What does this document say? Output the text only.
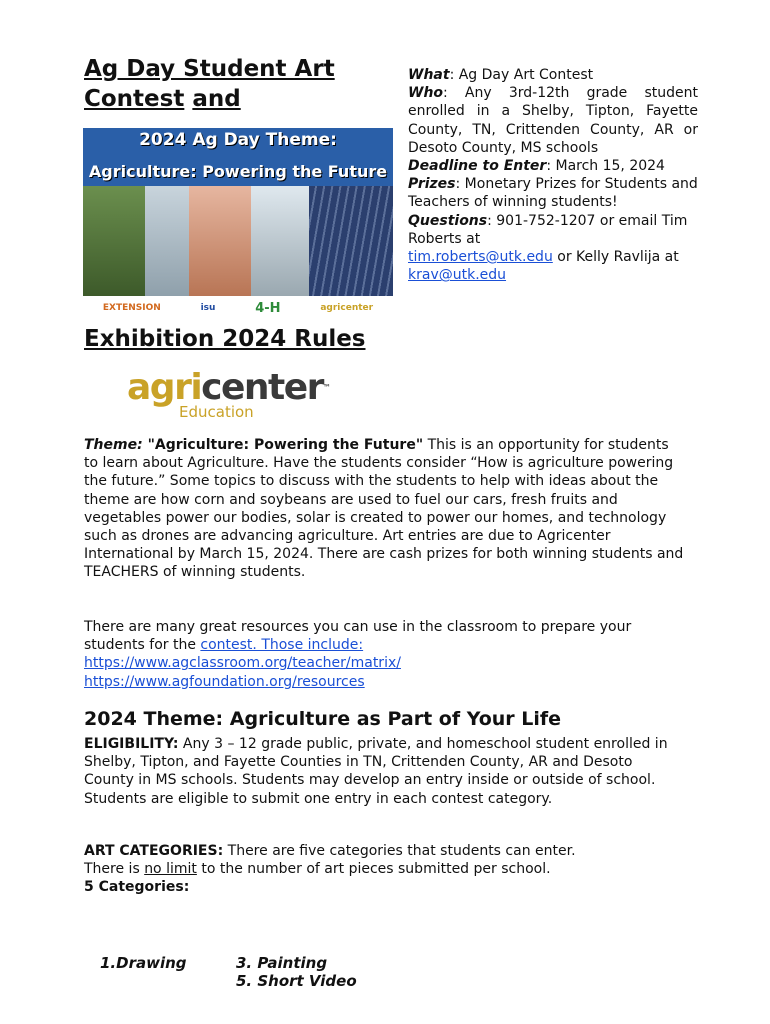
Ag Day Student Art
Contest and
2024 Ag Day Theme:
Agriculture: Powering the Future
EXTENSION	isu	4-H	agricenter

What: Ag Day Art Contest

Who: Any 3rd-12th grade student enrolled in a Shelby, Tipton, Fayette County, TN, Crittenden County, AR or Desoto County, MS schools

Deadline to Enter: March 15, 2024

Prizes: Monetary Prizes for Students and Teachers of winning students!

Questions: 901-752-1207 or email Tim Roberts at
tim.roberts@utk.edu or Kelly Ravlija at krav@utk.edu

Exhibition 2024 Rules
agricenter™
Education

Theme: "Agriculture: Powering the Future" This is an opportunity for students to learn about Agriculture. Have the students consider “How is agriculture powering the future.” Some topics to discuss with the students to help with ideas about the theme are how corn and soybeans are used to fuel our cars, fresh fruits and vegetables power our bodies, solar is created to power our homes, and technology such as drones are advancing agriculture. Art entries are due to Agricenter International by March 15, 2024. There are cash prizes for both winning students and TEACHERS of winning students.

There are many great resources you can use in the classroom to prepare your students for the contest. Those include:
https://www.agclassroom.org/teacher/matrix/
https://www.agfoundation.org/resources

2024 Theme: Agriculture as Part of Your Life

ELIGIBILITY: Any 3 – 12 grade public, private, and homeschool student enrolled in Shelby, Tipton, and Fayette Counties in TN, Crittenden County, AR and Desoto County in MS schools. Students may develop an entry inside or outside of school. Students are eligible to submit one entry in each contest category.

ART CATEGORIES: There are five categories that students can enter.
There is no limit to the number of art pieces submitted per school.
5 Categories:

1.Drawing	3. Painting
5. Short Video
